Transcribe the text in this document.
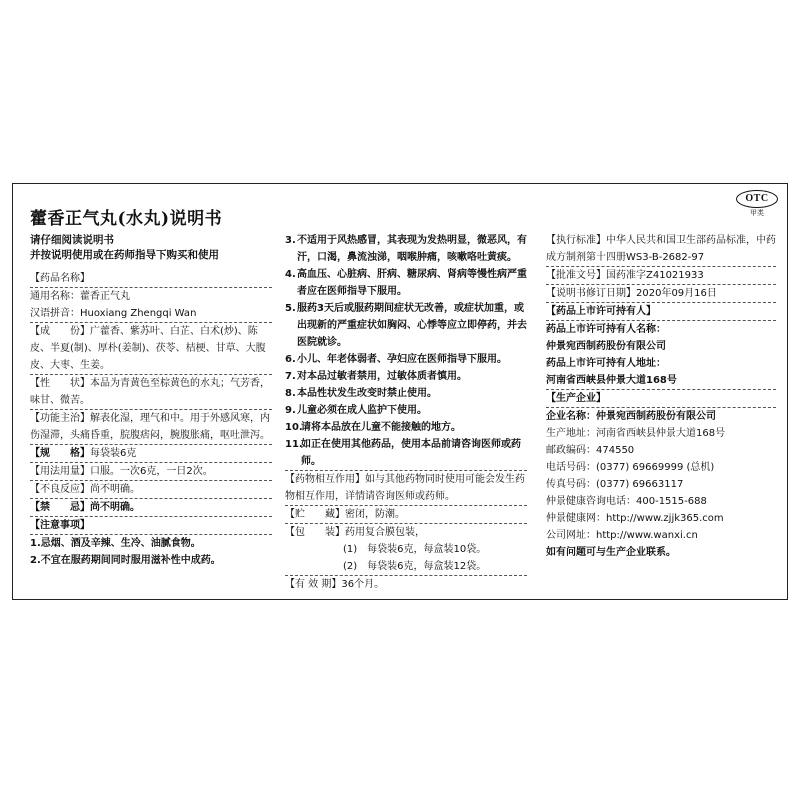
OTC
甲类
藿香正气丸(水丸)说明书
请仔细阅读说明书
并按说明使用或在药师指导下购买和使用
【药品名称】
通用名称：藿香正气丸
汉语拼音：Huoxiang Zhengqi Wan
【成　　份】广藿香、紫苏叶、白芷、白术(炒)、陈皮、半夏(制)、厚朴(姜制)、茯苓、桔梗、甘草、大腹皮、大枣、生姜。
【性　　状】本品为青黄色至棕黄色的水丸；气芳香，味甘、微苦。
【功能主治】解表化湿，理气和中。用于外感风寒，内伤湿滞，头痛昏重，脘腹痞闷，腕腹胀痛，呕吐泄泻。
【规　　格】每袋装6克
【用法用量】口服。一次6克，一日2次。
【不良反应】尚不明确。
【禁　　忌】尚不明确。
【注意事项】
1.忌烟、酒及辛辣、生冷、油腻食物。
2.不宜在服药期间同时服用滋补性中成药。
3. 不适用于风热感冒，其表现为发热明显，微恶风，有汗，口渴，鼻流浊涕，咽喉肿痛，咳嗽咯吐黄痰。
4. 高血压、心脏病、肝病、糖尿病、肾病等慢性病严重者应在医师指导下服用。
5. 服药3天后或服药期间症状无改善，或症状加重，或出现新的严重症状如胸闷、心悸等应立即停药，并去医院就诊。
6. 小儿、年老体弱者、孕妇应在医师指导下服用。
7. 对本品过敏者禁用，过敏体质者慎用。
8. 本品性状发生改变时禁止使用。
9. 儿童必须在成人监护下使用。
10.
请将本品放在儿童不能接触的地方。
11.
如正在使用其他药品，使用本品前请咨询医师或药师。
【药物相互作用】如与其他药物同时使用可能会发生药物相互作用，详情请咨询医师或药师。
【贮　　藏】密闭，防潮。
【包　　装】药用复合膜包装，
(1)　每袋装6克，每盒装10袋。
(2)　每袋装6克，每盒装12袋。
【有 效 期】36个月。
【执行标准】中华人民共和国卫生部药品标准，中药成方制剂第十四册WS3-B-2682-97
【批准文号】国药准字Z41021933
【说明书修订日期】2020年09月16日
【药品上市许可持有人】
药品上市许可持有人名称：
仲景宛西制药股份有限公司
药品上市许可持有人地址：
河南省西峡县仲景大道168号
【生产企业】
企业名称：仲景宛西制药股份有限公司
生产地址：河南省西峡县仲景大道168号
邮政编码：474550
电话号码：(0377) 69669999 (总机)
传真号码：(0377) 69663117
仲景健康咨询电话：400-1515-688
仲景健康网：http://www.zjjk365.com
公司网址：http://www.wanxi.cn
如有问题可与生产企业联系。
